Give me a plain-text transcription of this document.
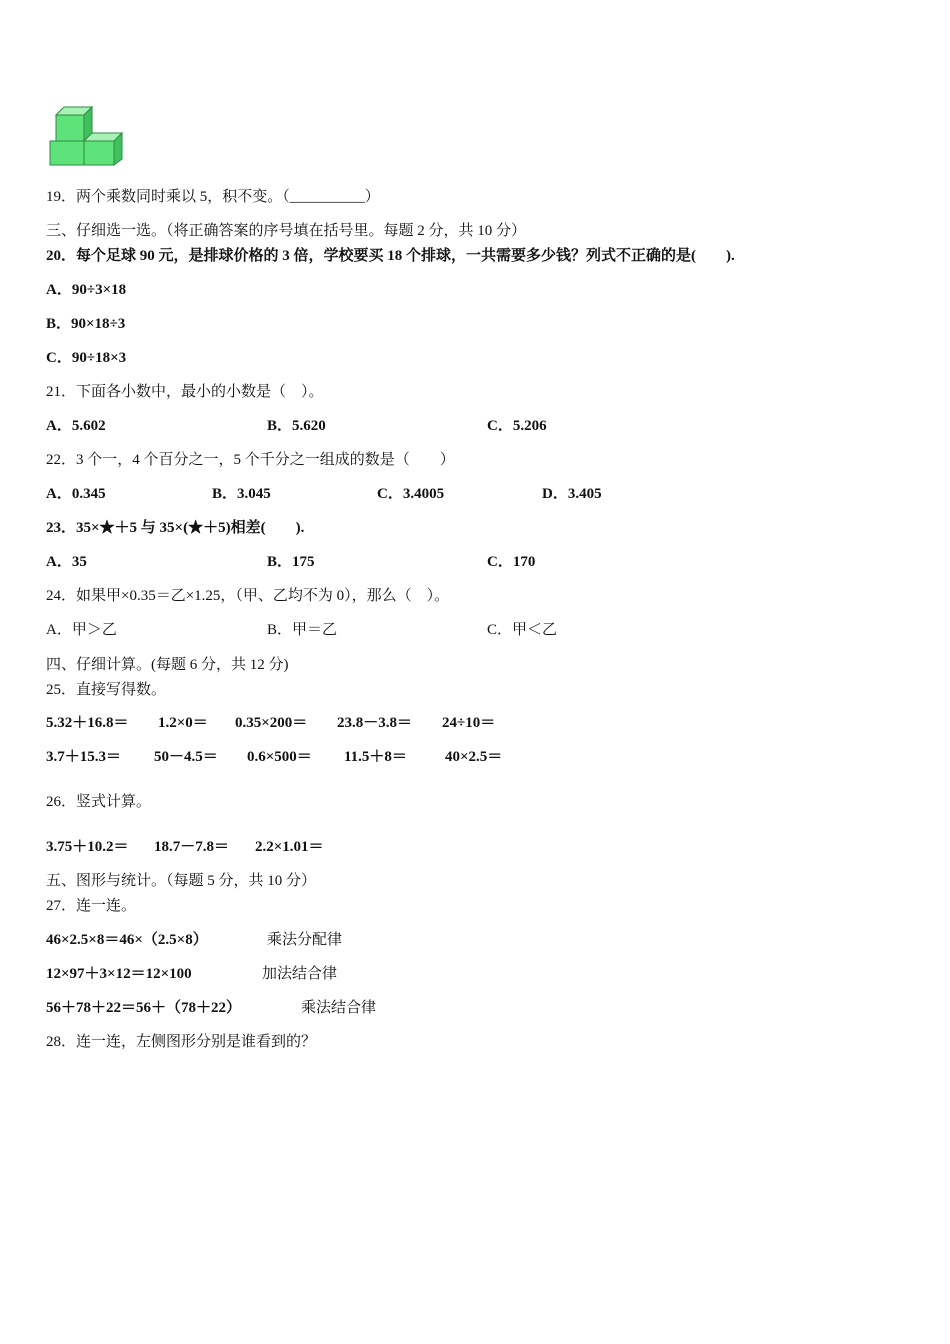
19．两个乘数同时乘以 5，积不变。（__________）
三、仔细选一选。（将正确答案的序号填在括号里。每题 2 分，共 10 分）
20．每个足球 90 元，是排球价格的 3 倍，学校要买 18 个排球，一共需要多少钱？列式不正确的是(　　).
A．90÷3×18
B．90×18÷3
C．90÷18×3
21．下面各小数中，最小的小数是（　）。
A．5.602	B．5.620	C．5.206
22．3 个一，4 个百分之一，5 个千分之一组成的数是（　　）
A．0.345	B．3.045	C．3.4005	D．3.405
23．35×★＋5 与 35×(★＋5)相差(　　).
A．35	B．175	C．170
24．如果甲×0.35＝乙×1.25，（甲、乙均不为 0），那么（　）。
A．甲＞乙	B．甲＝乙	C．甲＜乙
四、仔细计算。(每题 6 分，共 12 分)
25．直接写得数。
5.32＋16.8＝ 1.2×0＝ 0.35×200＝ 23.8－3.8＝ 24÷10＝
3.7＋15.3＝ 50－4.5＝ 0.6×500＝ 11.5＋8＝	40×2.5＝
26．竖式计算。
3.75＋10.2＝ 18.7－7.8＝ 2.2×1.01＝
五、图形与统计。（每题 5 分，共 10 分）
27．连一连。
46×2.5×8＝46×（2.5×8）	乘法分配律
12×97＋3×12＝12×100	加法结合律
56＋78＋22＝56＋（78＋22）	乘法结合律
28．连一连，左侧图形分别是谁看到的？
